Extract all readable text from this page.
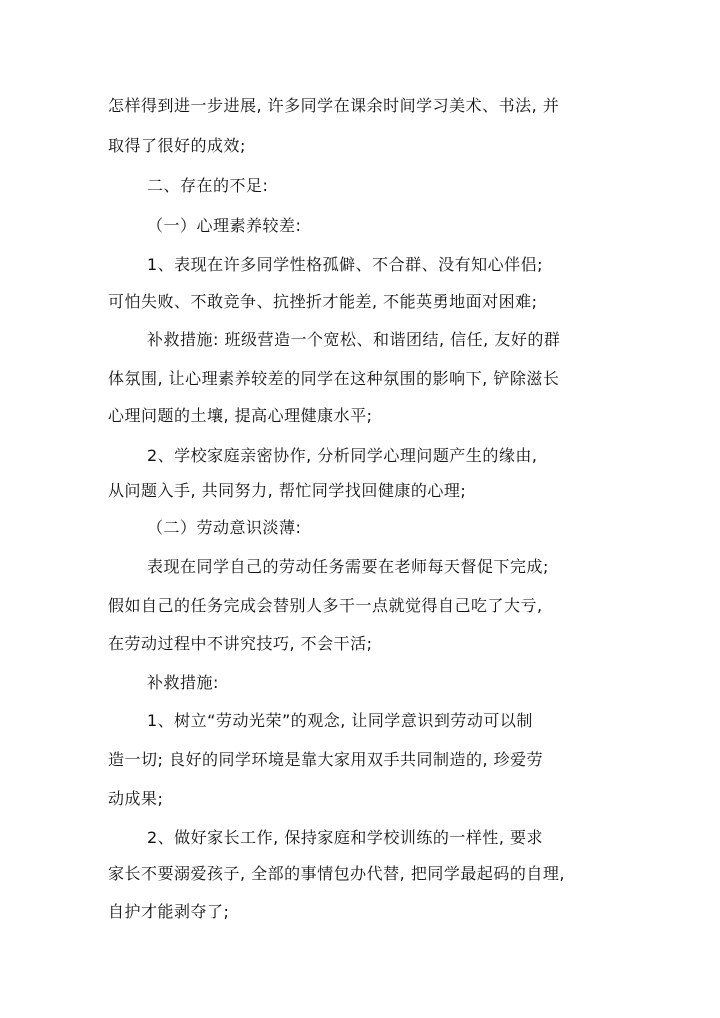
怎样得到进一步进展, 许多同学在课余时间学习美术、书法, 并
取得了很好的成效;
二、存在的不足:
（一）心理素养较差:
1、表现在许多同学性格孤僻、不合群、没有知心伴侣;
可怕失败、不敢竞争、抗挫折才能差, 不能英勇地面对困难;
补救措施: 班级营造一个宽松、和谐团结, 信任, 友好的群
体氛围, 让心理素养较差的同学在这种氛围的影响下, 铲除滋长
心理问题的土壤, 提高心理健康水平;
2、学校家庭亲密协作, 分析同学心理问题产生的缘由,
从问题入手, 共同努力, 帮忙同学找回健康的心理;
（二）劳动意识淡薄:
表现在同学自己的劳动任务需要在老师每天督促下完成;
假如自己的任务完成会替别人多干一点就觉得自己吃了大亏,
在劳动过程中不讲究技巧, 不会干活;
补救措施:
1、树立“劳动光荣”的观念, 让同学意识到劳动可以制
造一切; 良好的同学环境是靠大家用双手共同制造的, 珍爱劳
动成果;
2、做好家长工作, 保持家庭和学校训练的一样性, 要求
家长不要溺爱孩子, 全部的事情包办代替, 把同学最起码的自理,
自护才能剥夺了;
